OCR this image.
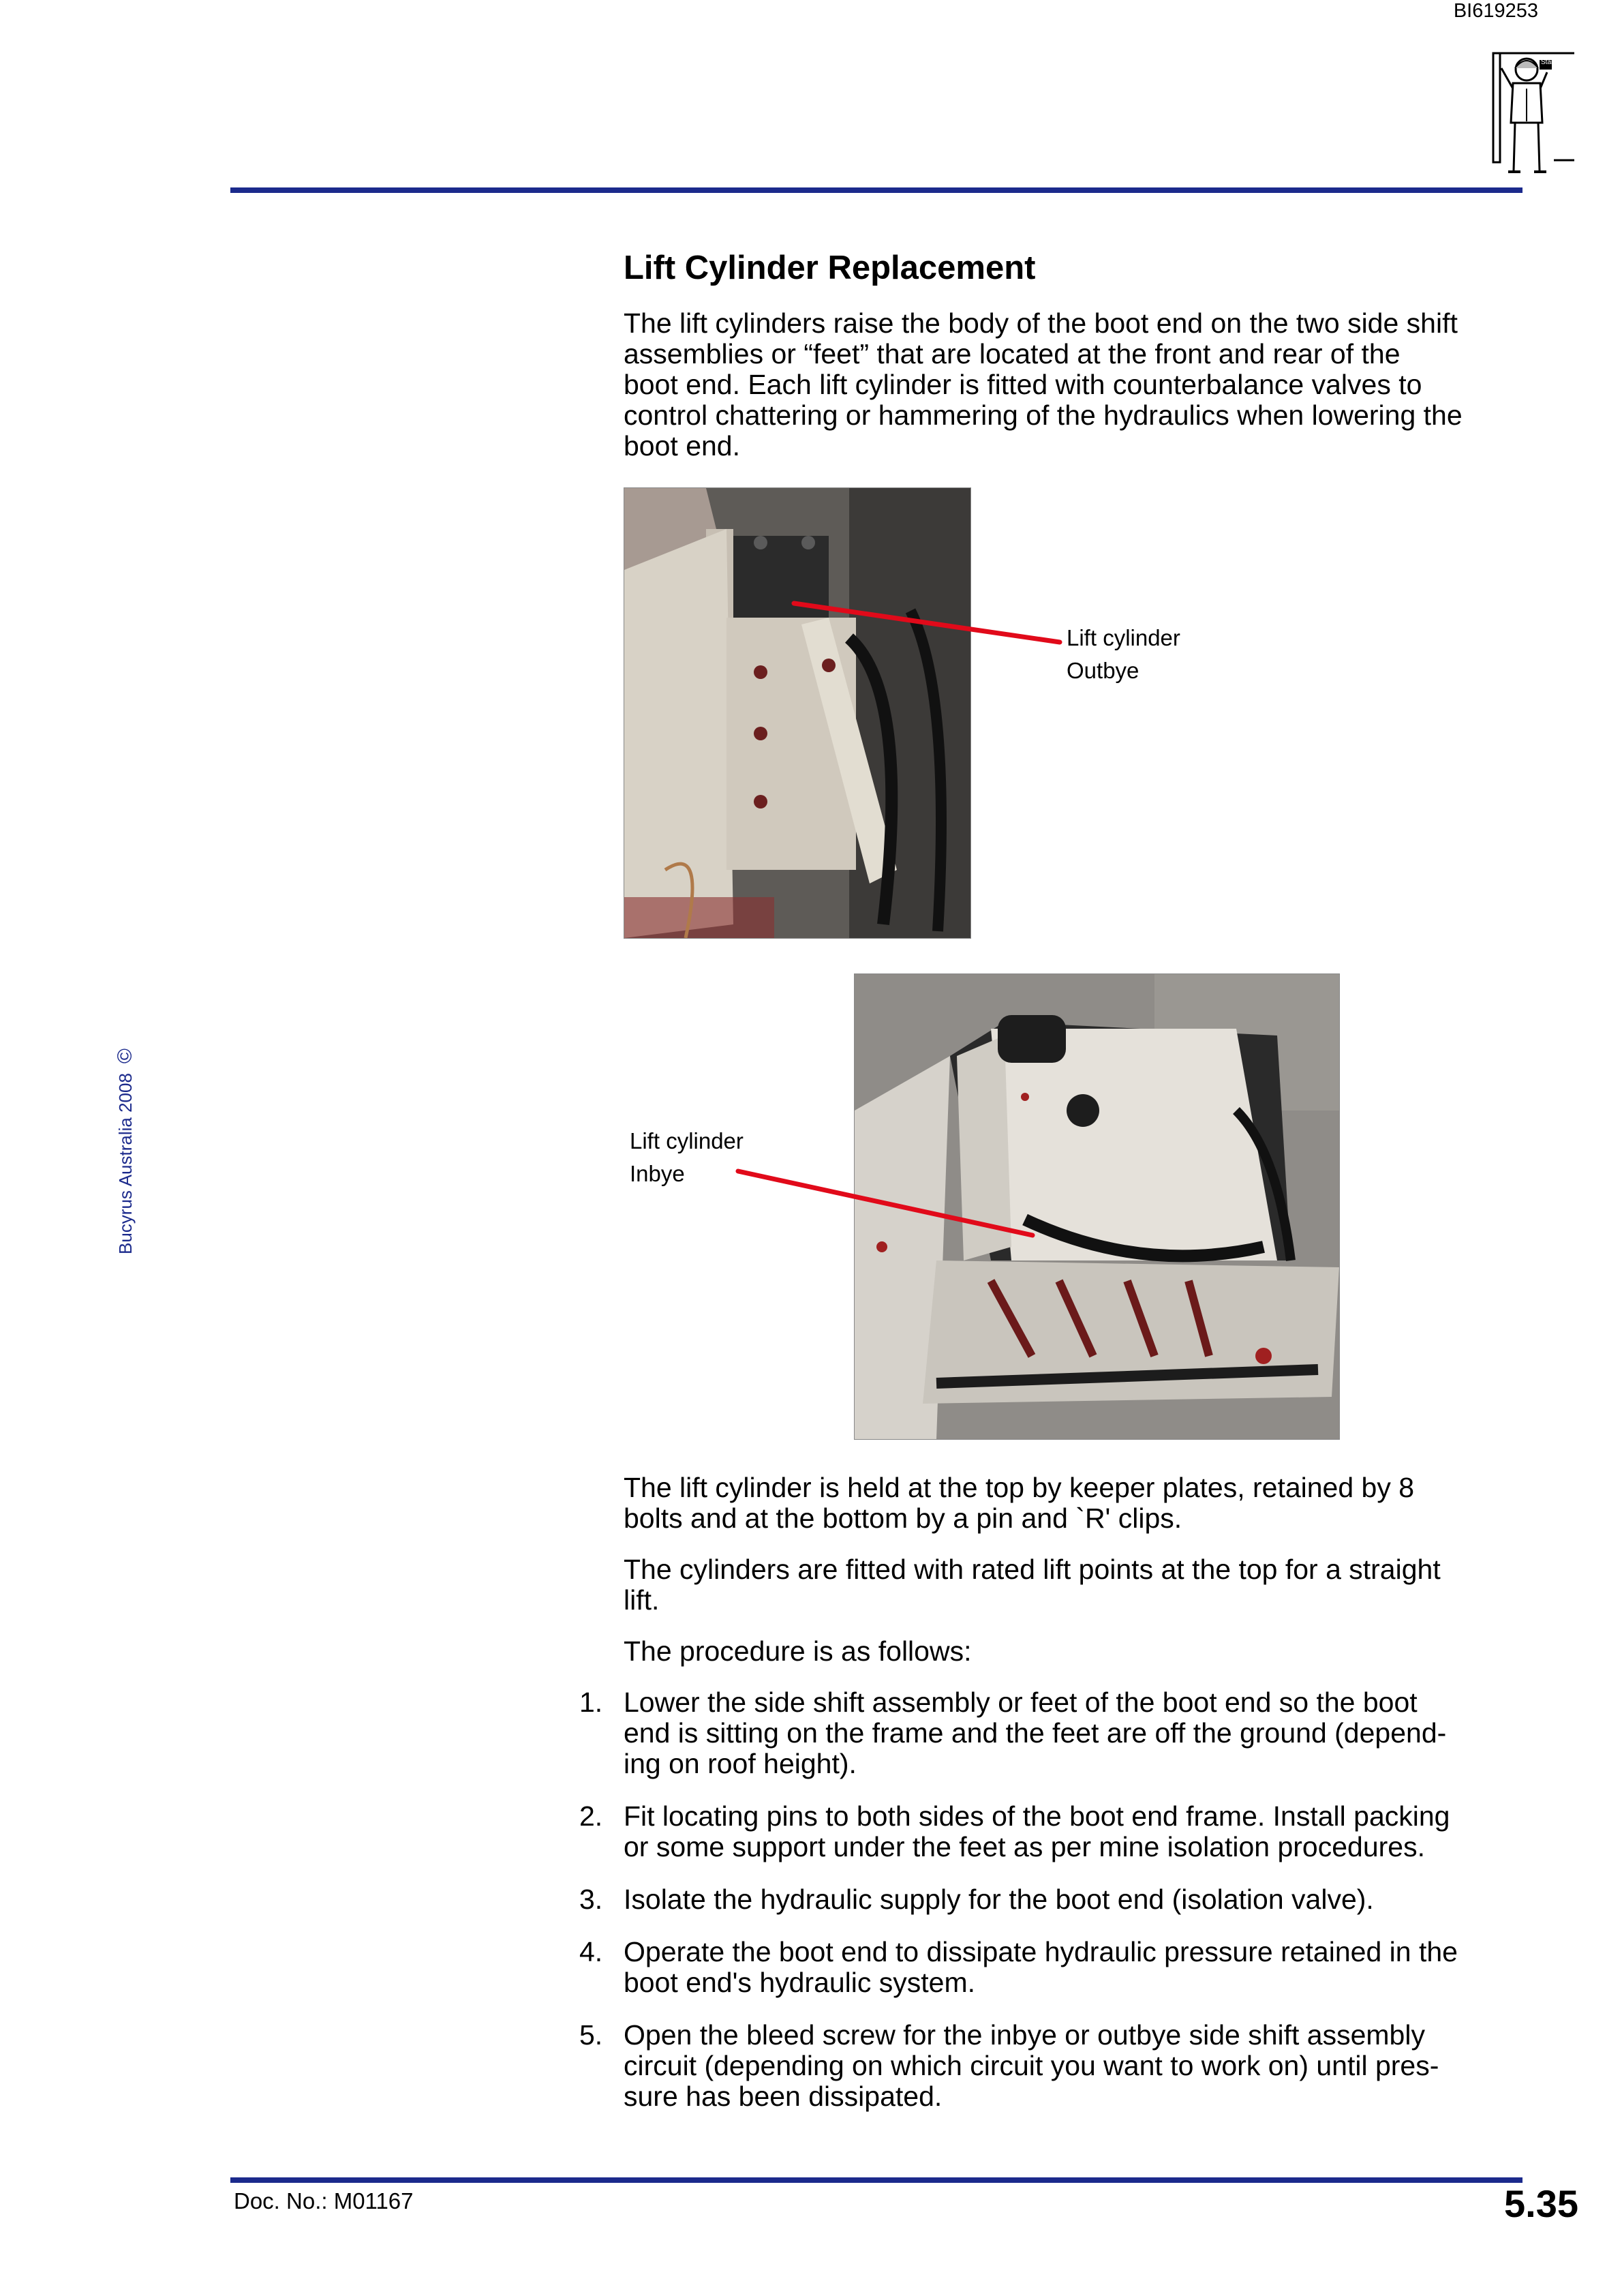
BI619253
Start
Bucyrus Australia 2008©
Lift Cylinder Replacement
The lift cylinders raise the body of the boot end on the two side shift
assemblies or “feet” that are located at the front and rear of the
boot end. Each lift cylinder is fitted with counterbalance valves to
control chattering or hammering of the hydraulics when lowering the
boot end.
Lift cylinder
Outbye
Lift cylinder
Inbye
The lift cylinder is held at the top by keeper plates, retained by 8
bolts and at the bottom by a pin and `R' clips.
The cylinders are fitted with rated lift points at the top for a straight
lift.
The procedure is as follows:
1. Lower the side shift assembly or feet of the boot end so the boot
end is sitting on the frame and the feet are off the ground (depend-
ing on roof height).
2. Fit locating pins to both sides of the boot end frame. Install packing
or some support under the feet as per mine isolation procedures.
3. Isolate the hydraulic supply for the boot end (isolation valve).
4. Operate the boot end to dissipate hydraulic pressure retained in the
boot end's hydraulic system.
5. Open the bleed screw for the inbye or outbye side shift assembly
circuit (depending on which circuit you want to work on) until pres-
sure has been dissipated.
Doc. No.: M01167	5.35
